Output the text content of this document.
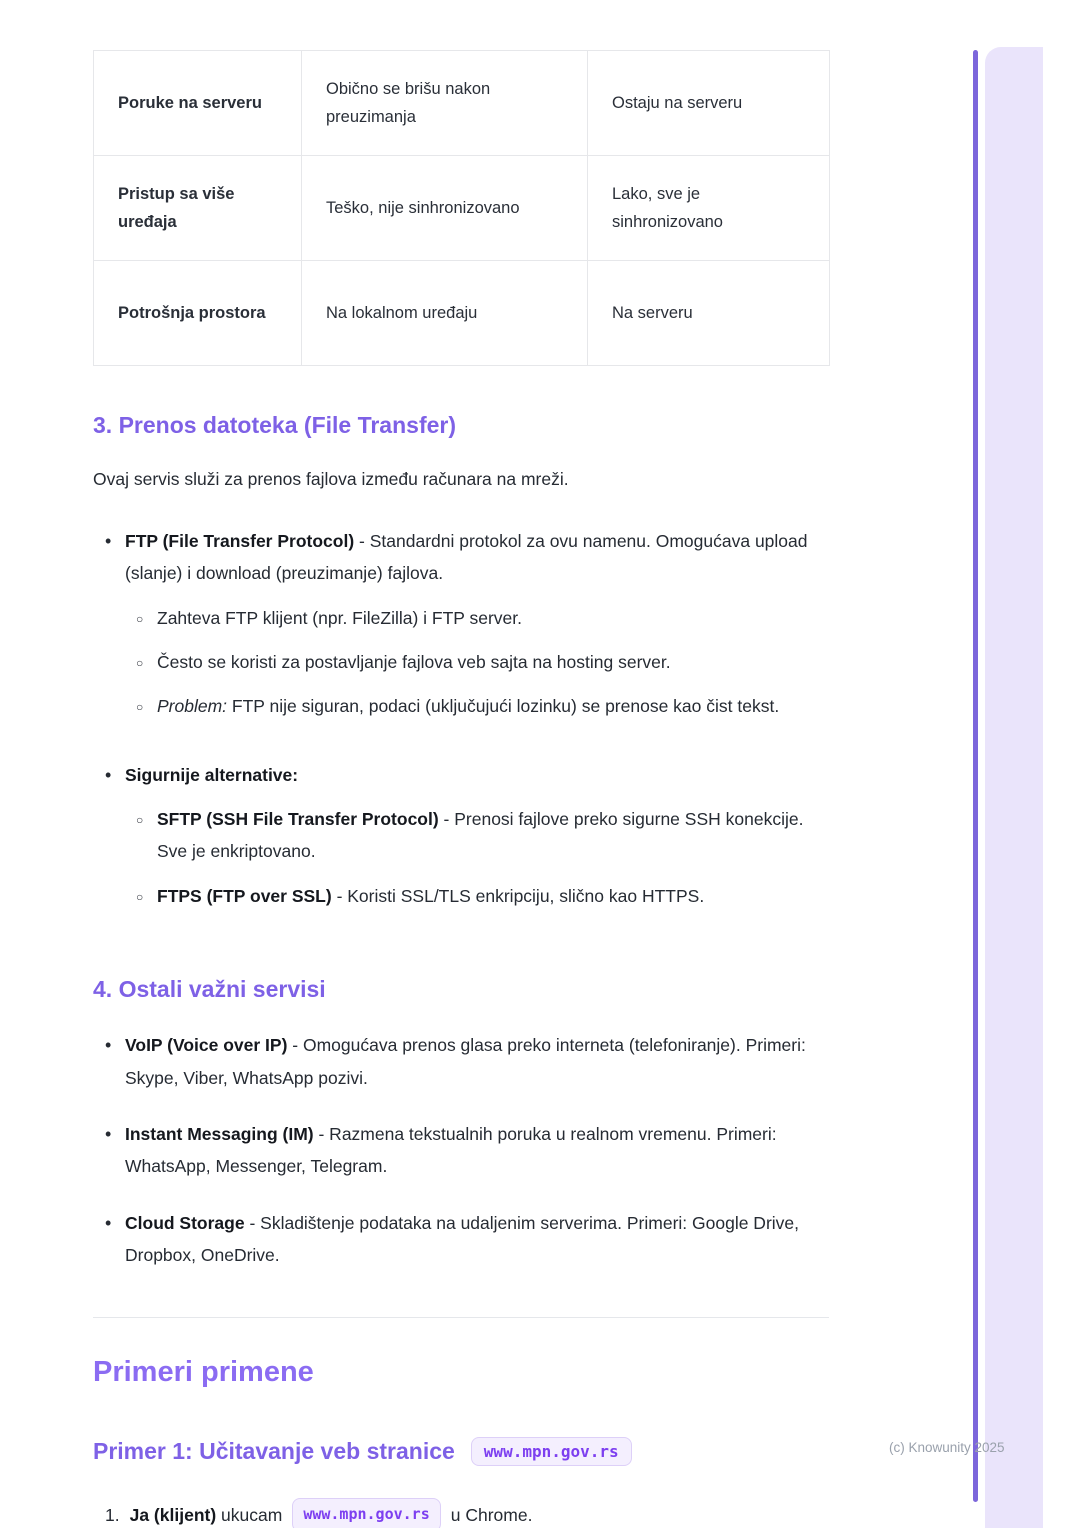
Poruke na serveru	Obično se brišu nakon preuzimanja	Ostaju na serveru
Pristup sa više uređaja	Teško, nije sinhronizovano	Lako, sve je sinhronizovano
Potrošnja prostora	Na lokalnom uređaju	Na serveru
3. Prenos datoteka (File Transfer)

Ovaj servis služi za prenos fajlova između računara na mreži.

•
FTP (File Transfer Protocol) - Standardni protokol za ovu namenu. Omogućava upload (slanje) i download (preuzimanje) fajlova.
○
Zahteva FTP klijent (npr. FileZilla) i FTP server.
○
Često se koristi za postavljanje fajlova veb sajta na hosting server.
○
Problem: FTP nije siguran, podaci (uključujući lozinku) se prenose kao čist tekst.
•
Sigurnije alternative:
○
SFTP (SSH File Transfer Protocol) - Prenosi fajlove preko sigurne SSH konekcije. Sve je enkriptovano.
○
FTPS (FTP over SSL) - Koristi SSL/TLS enkripciju, slično kao HTTPS.
4. Ostali važni servisi
•
VoIP (Voice over IP) - Omogućava prenos glasa preko interneta (telefoniranje). Primeri: Skype, Viber, WhatsApp pozivi.
•
Instant Messaging (IM) - Razmena tekstualnih poruka u realnom vremenu. Primeri: WhatsApp, Messenger, Telegram.
•
Cloud Storage - Skladištenje podataka na udaljenim serverima. Primeri: Google Drive, Dropbox, OneDrive.
Primeri primene
Primer 1: Učitavanje veb stranice	www.mpn.gov.rs
1. Ja (klijent) ukucam	www.mpn.gov.rs	u Chrome.
(c) Knowunity 2025
